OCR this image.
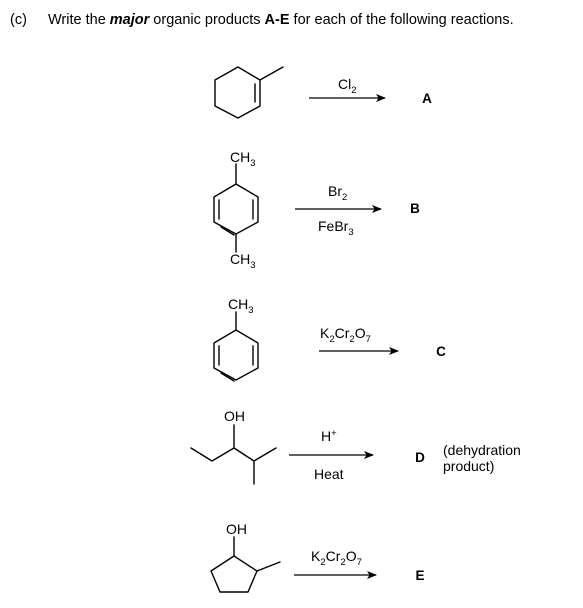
(c) Write the major organic products A-E for each of the following reactions.
$Cl_2$
A
$CH_3$
$CH_3$
$Br_2$
FeBr$_3$
B
$CH_3$
$K_2Cr_2O_7$
C
OH
H+
Heat
D (dehydration
product)
OH
$K_2Cr_2O_7$
E
